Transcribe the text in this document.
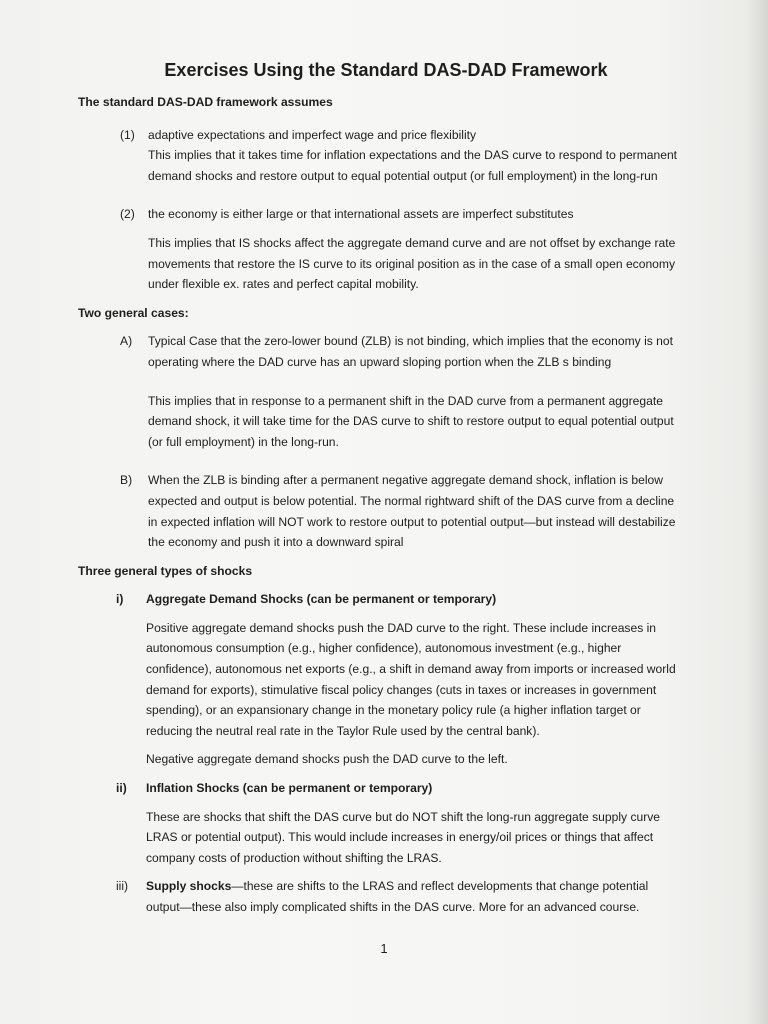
Exercises Using the Standard DAS-DAD Framework

The standard DAS-DAD framework assumes

(1) adaptive expectations and imperfect wage and price flexibility

This implies that it takes time for inflation expectations and the DAS curve to respond to permanent demand shocks and restore output to equal potential output (or full employment) in the long-run

(2) the economy is either large or that international assets are imperfect substitutes

This implies that IS shocks affect the aggregate demand curve and are not offset by exchange rate movements that restore the IS curve to its original position as in the case of a small open economy under flexible ex. rates and perfect capital mobility.

Two general cases:

A) Typical Case that the zero-lower bound (ZLB) is not binding, which implies that the economy is not operating where the DAD curve has an upward sloping portion when the ZLB s binding

This implies that in response to a permanent shift in the DAD curve from a permanent aggregate demand shock, it will take time for the DAS curve to shift to restore output to equal potential output (or full employment) in the long-run.

B) When the ZLB is binding after a permanent negative aggregate demand shock, inflation is below expected and output is below potential. The normal rightward shift of the DAS curve from a decline in expected inflation will NOT work to restore output to potential output—but instead will destabilize the economy and push it into a downward spiral

Three general types of shocks

i) Aggregate Demand Shocks (can be permanent or temporary)

Positive aggregate demand shocks push the DAD curve to the right. These include increases in autonomous consumption (e.g., higher confidence), autonomous investment (e.g., higher confidence), autonomous net exports (e.g., a shift in demand away from imports or increased world demand for exports), stimulative fiscal policy changes (cuts in taxes or increases in government spending), or an expansionary change in the monetary policy rule (a higher inflation target or reducing the neutral real rate in the Taylor Rule used by the central bank).

Negative aggregate demand shocks push the DAD curve to the left.

ii) Inflation Shocks (can be permanent or temporary)

These are shocks that shift the DAS curve but do NOT shift the long-run aggregate supply curve LRAS or potential output). This would include increases in energy/oil prices or things that affect company costs of production without shifting the LRAS.

iii) Supply shocks—these are shifts to the LRAS and reflect developments that change potential output—these also imply complicated shifts in the DAS curve. More for an advanced course.

1
